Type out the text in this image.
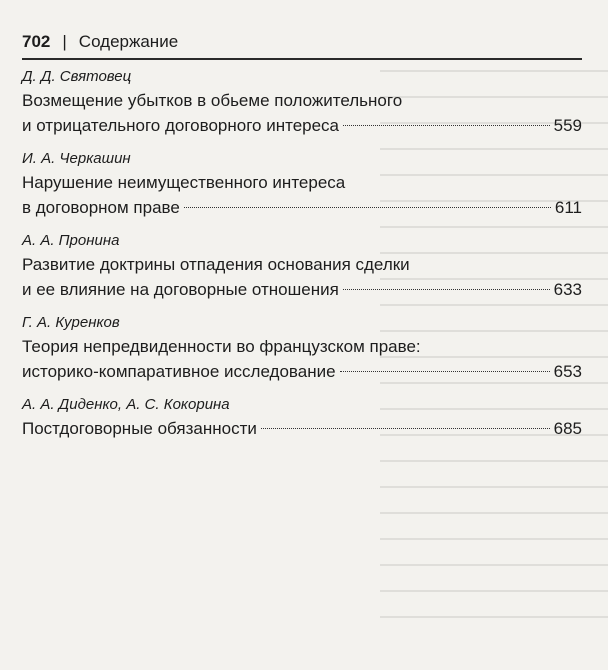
702 | Содержание
Д. Д. Святовец
Возмещение убытков в обьеме положительного
и отрицательного договорного интереса	559
И. А. Черкашин
Нарушение неимущественного интереса
в договорном праве	611
А. А. Пронина
Развитие доктрины отпадения основания сделки
и ее влияние на договорные отношения	633
Г. А. Куренков
Теория непредвиденности во французском праве:
историко-компаративное исследование	653
А. А. Диденко, А. С. Кокорина
Постдоговорные обязанности	685
